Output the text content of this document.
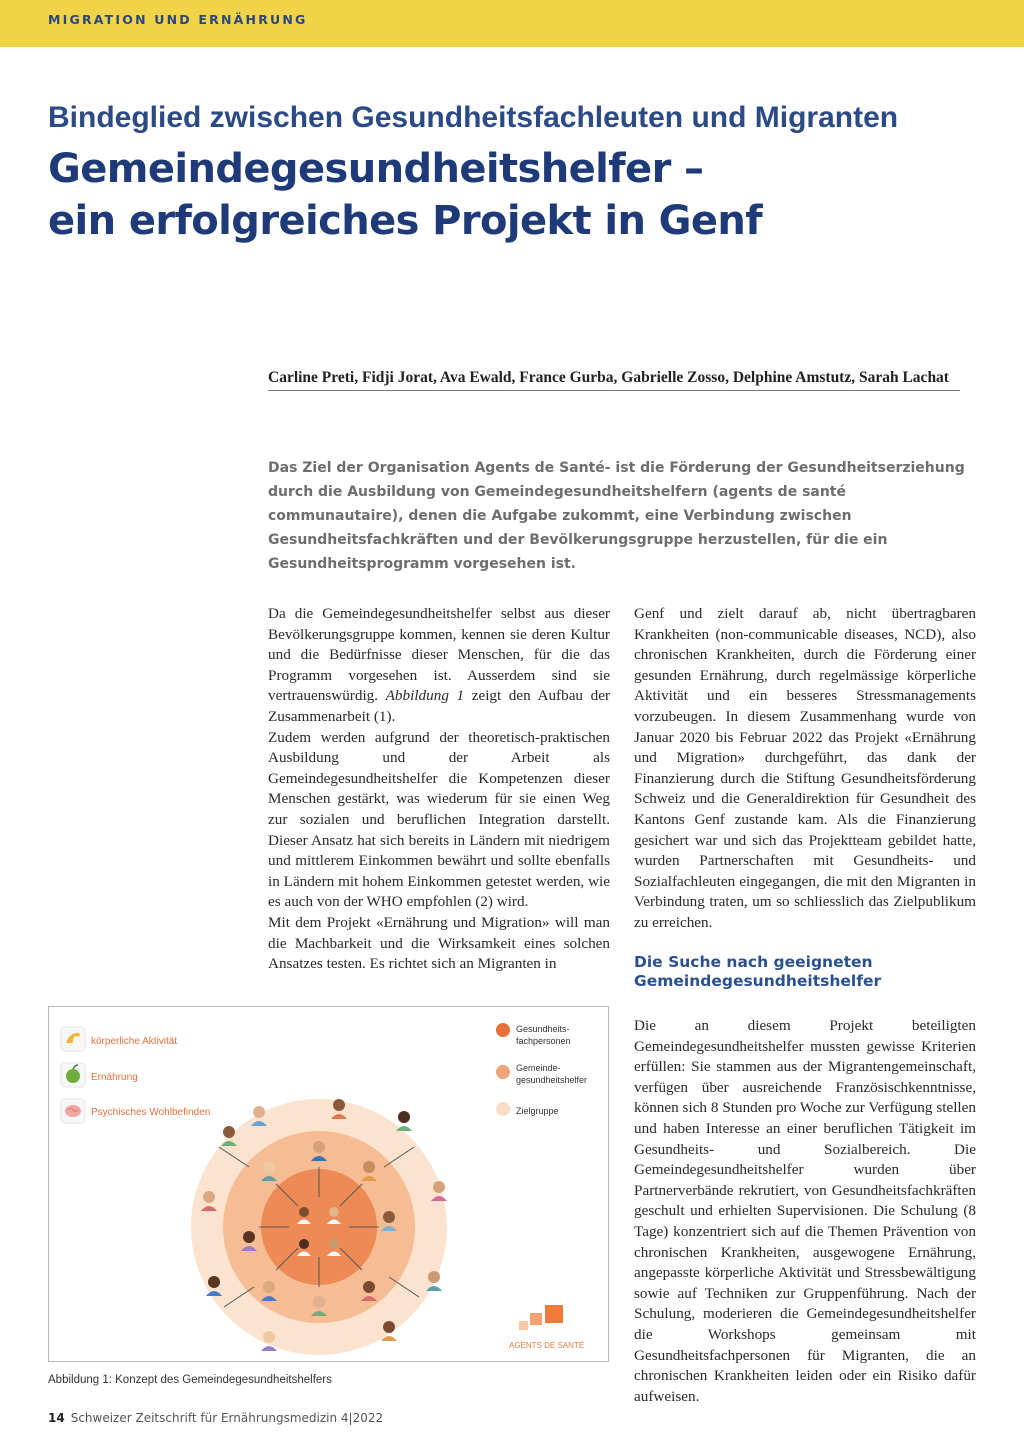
MIGRATION UND ERNÄHRUNG

Bindeglied zwischen Gesundheitsfachleuten und Migranten
Gemeindegesundheitshelfer –
ein erfolgreiches Projekt in Genf

Carline Preti, Fidji Jorat, Ava Ewald, France Gurba, Gabrielle Zosso, Delphine Amstutz, Sarah Lachat

Das Ziel der Organisation Agents de Santé- ist die Förderung der Gesundheitserziehung durch die Ausbildung von Gemeindegesundheitshelfern (agents de santé communautaire), denen die Aufgabe zukommt, eine Verbindung zwischen Gesundheitsfachkräften und der Bevölkerungsgruppe herzustellen, für die ein Gesundheitsprogramm vorgesehen ist.

Da die Gemeindegesundheitshelfer selbst aus dieser Bevölkerungsgruppe kommen, kennen sie deren Kultur und die Bedürfnisse dieser Menschen, für die das Programm vorgesehen ist. Ausserdem sind sie vertrauenswürdig. Abbildung 1 zeigt den Aufbau der Zusammenarbeit (1).

Zudem werden aufgrund der theoretisch-praktischen Ausbildung und der Arbeit als Gemeindegesundheitshelfer die Kompetenzen dieser Menschen gestärkt, was wiederum für sie einen Weg zur sozialen und beruflichen Integration darstellt. Dieser Ansatz hat sich bereits in Ländern mit niedrigem und mittlerem Einkommen bewährt und sollte ebenfalls in Ländern mit hohem Einkommen getestet werden, wie es auch von der WHO empfohlen (2) wird.

Mit dem Projekt «Ernährung und Migration» will man die Machbarkeit und die Wirksamkeit eines solchen Ansatzes testen. Es richtet sich an Migranten in

Genf und zielt darauf ab, nicht übertragbaren Krankheiten (non-communicable diseases, NCD), also chronischen Krankheiten, durch die Förderung einer gesunden Ernährung, durch regelmässige körperliche Aktivität und ein besseres Stressmanagements vorzubeugen. In diesem Zusammenhang wurde von Januar 2020 bis Februar 2022 das Projekt «Ernährung und Migration» durchgeführt, das dank der Finanzierung durch die Stiftung Gesundheitsförderung Schweiz und die Generaldirektion für Gesundheit des Kantons Genf zustande kam. Als die Finanzierung gesichert war und sich das Projektteam gebildet hatte, wurden Partnerschaften mit Gesundheits- und Sozialfachleuten eingegangen, die mit den Migranten in Verbindung traten, um so schliesslich das Zielpublikum zu erreichen.

Die Suche nach geeigneten Gemeindegesundheitshelfer

Die an diesem Projekt beteiligten Gemeindegesundheitshelfer mussten gewisse Kriterien erfüllen: Sie stammen aus der Migrantengemeinschaft, verfügen über ausreichende Französischkenntnisse, können sich 8 Stunden pro Woche zur Verfügung stellen und haben Interesse an einer beruflichen Tätigkeit im Gesundheits- und Sozialbereich. Die Gemeindegesundheitshelfer wurden über Partnerverbände rekrutiert, von Gesundheitsfachkräften geschult und erhielten Supervisionen. Die Schulung (8 Tage) konzentriert sich auf die Themen Prävention von chronischen Krankheiten, ausgewogene Ernährung, angepasste körperliche Aktivität und Stressbewältigung sowie auf Techniken zur Gruppenführung. Nach der Schulung, moderieren die Gemeindegesundheitshelfer die Workshops gemeinsam mit Gesundheitsfachpersonen für Migranten, die an chronischen Krankheiten leiden oder ein Risiko dafür aufweisen.

körperliche Aktivität
Ernährung
Psychisches Wohlbefinden
Gesundheits-
fachpersonen
Gemeinde-
gesundheitshelfer
Zielgruppe
AGENTS DE SANTÉ

Abbildung 1: Konzept des Gemeindegesundheitshelfers

14 Schweizer Zeitschrift für Ernährungsmedizin 4|2022
